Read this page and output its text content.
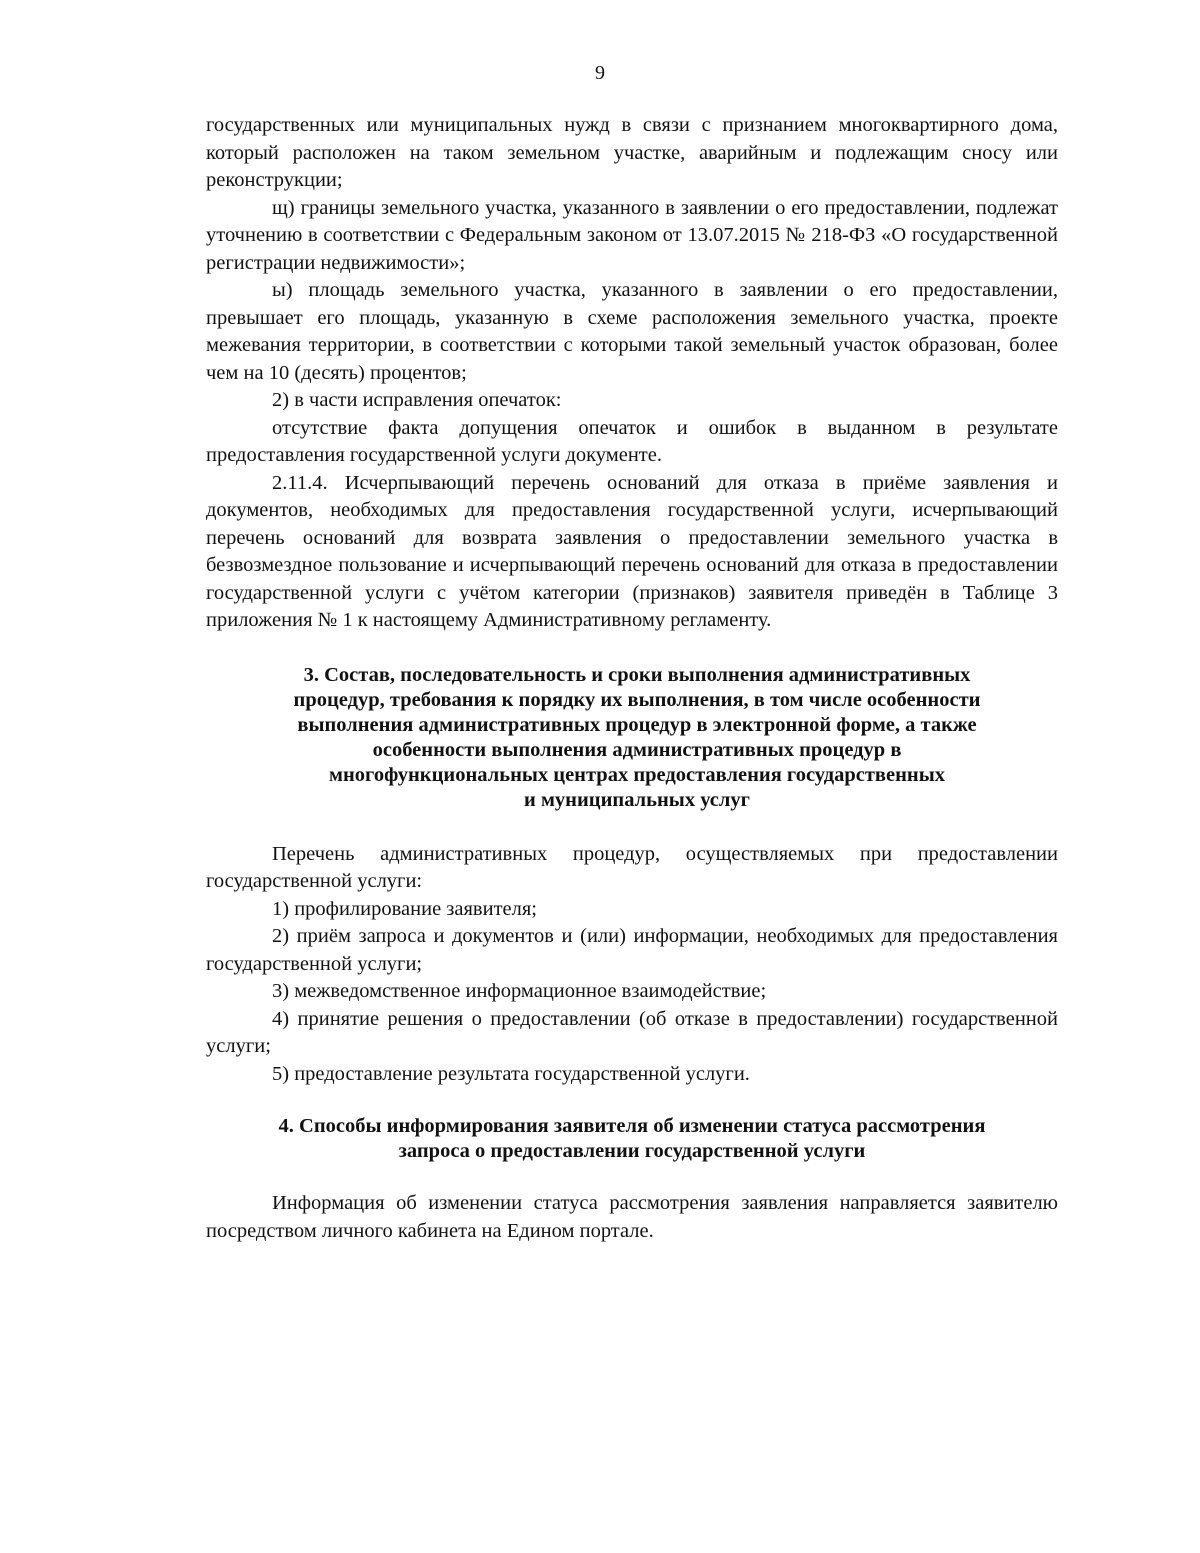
9

государственных или муниципальных нужд в связи с признанием многоквартирного дома, который расположен на таком земельном участке, аварийным и подлежащим сносу или реконструкции;

щ) границы земельного участка, указанного в заявлении о его предоставлении, подлежат уточнению в соответствии с Федеральным законом от 13.07.2015 № 218-ФЗ «О государственной регистрации недвижимости»;

ы) площадь земельного участка, указанного в заявлении о его предоставлении, превышает его площадь, указанную в схеме расположения земельного участка, проекте межевания территории, в соответствии с которыми такой земельный участок образован, более чем на 10 (десять) процентов;

2) в части исправления опечаток:

отсутствие факта допущения опечаток и ошибок в выданном в результате предоставления государственной услуги документе.

2.11.4. Исчерпывающий перечень оснований для отказа в приёме заявления и документов, необходимых для предоставления государственной услуги, исчерпывающий перечень оснований для возврата заявления о предоставлении земельного участка в безвозмездное пользование и исчерпывающий перечень оснований для отказа в предоставлении государственной услуги с учётом категории (признаков) заявителя приведён в Таблице 3 приложения № 1 к настоящему Административному регламенту.

3. Состав, последовательность и сроки выполнения административных
процедур, требования к порядку их выполнения, в том числе особенности
выполнения административных процедур в электронной форме, а также
особенности выполнения административных процедур в
многофункциональных центрах предоставления государственных
и муниципальных услуг

Перечень административных процедур, осуществляемых при предоставлении государственной услуги:

1) профилирование заявителя;

2) приём запроса и документов и (или) информации, необходимых для предоставления государственной услуги;

3) межведомственное информационное взаимодействие;

4) принятие решения о предоставлении (об отказе в предоставлении) государственной услуги;

5) предоставление результата государственной услуги.

4. Способы информирования заявителя об изменении статуса рассмотрения
запроса о предоставлении государственной услуги

Информация об изменении статуса рассмотрения заявления направляется заявителю посредством личного кабинета на Едином портале.
